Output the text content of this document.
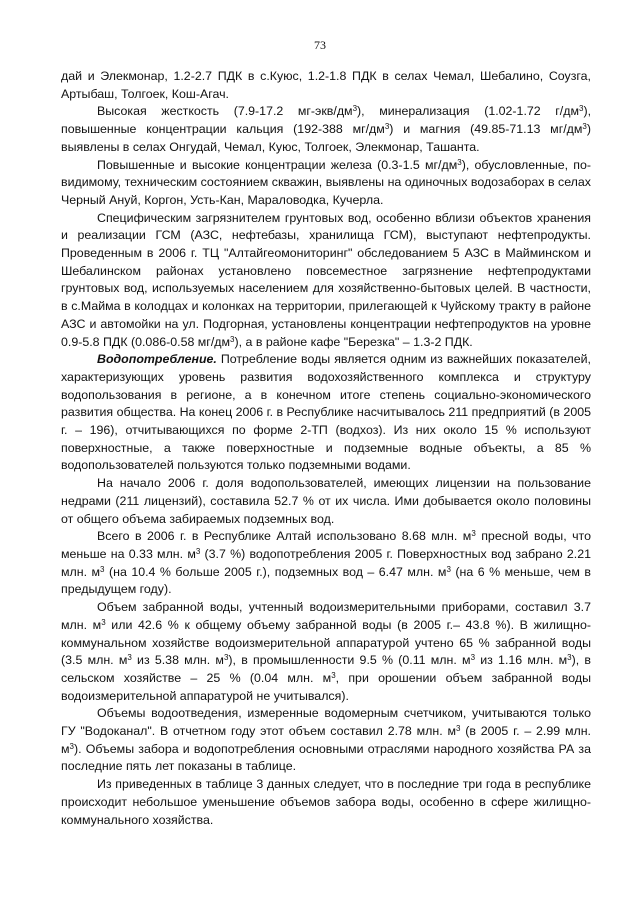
73

дай и Элекмонар, 1.2-2.7 ПДК в с.Куюс, 1.2-1.8 ПДК в селах Чемал, Шебалино, Соузга, Артыбаш, Толгоек, Кош-Агач.

Высокая жесткость (7.9-17.2 $мг-экв/дм^3$), минерализация (1.02-1.72 $г/дм^3$), повышенные концентрации кальция (192-388 $мг/дм^3$) и магния (49.85-71.13 $мг/дм^3$) выявлены в селах Онгудай, Чемал, Куюс, Толгоек, Элекмонар, Ташанта.

Повышенные и высокие концентрации железа (0.3-1.5 $мг/дм^3$), обусловленные, по-видимому, техническим состоянием скважин, выявлены на одиночных водозаборах в селах Черный Ануй, Коргон, Усть-Кан, Мараловодка, Кучерла.

Специфическим загрязнителем грунтовых вод, особенно вблизи объектов хранения и реализации ГСМ (АЗС, нефтебазы, хранилища ГСМ), выступают нефтепродукты. Проведенным в 2006 г. ТЦ "Алтайгеомониторинг" обследованием 5 АЗС в Майминском и Шебалинском районах установлено повсеместное загрязнение нефтепродуктами грунтовых вод, используемых населением для хозяйственно-бытовых целей. В частности, в с.Майма в колодцах и колонках на территории, прилегающей к Чуйскому тракту в районе АЗС и автомойки на ул. Подгорная, установлены концентрации нефтепродуктов на уровне 0.9-5.8 ПДК (0.086-0.58 $мг/дм^3$), а в районе кафе "Березка" – 1.3-2 ПДК.

Водопотребление. Потребление воды является одним из важнейших показателей, характеризующих уровень развития водохозяйственного комплекса и структуру водопользования в регионе, а в конечном итоге степень социально-экономического развития общества. На конец 2006 г. в Республике насчитывалось 211 предприятий (в 2005 г. – 196), отчитывающихся по форме 2-ТП (водхоз). Из них около 15 % используют поверхностные, а также поверхностные и подземные водные объекты, а 85 % водопользователей пользуются только подземными водами.

На начало 2006 г. доля водопользователей, имеющих лицензии на пользование недрами (211 лицензий), составила 52.7 % от их числа. Ими добывается около половины от общего объема забираемых подземных вод.

Всего в 2006 г. в Республике Алтай использовано 8.68 млн. $м^3$ пресной воды, что меньше на 0.33 млн. $м^3$ (3.7 %) водопотребления 2005 г. Поверхностных вод забрано 2.21 млн. $м^3$ (на 10.4 % больше 2005 г.), подземных вод – 6.47 млн. $м^3$ (на 6 % меньше, чем в предыдущем году).

Объем забранной воды, учтенный водоизмерительными приборами, составил 3.7 млн. $м^3$ или 42.6 % к общему объему забранной воды (в 2005 г.– 43.8 %). В жилищно-коммунальном хозяйстве водоизмерительной аппаратурой учтено 65 % забранной воды (3.5 млн. $м^3$ из 5.38 млн. $м^3$), в промышленности 9.5 % (0.11 млн. $м^3$ из 1.16 млн. $м^3$), в сельском хозяйстве – 25 % (0.04 млн. $м^3$, при орошении объем забранной воды водоизмерительной аппаратурой не учитывался).

Объемы водоотведения, измеренные водомерным счетчиком, учитываются только ГУ "Водоканал". В отчетном году этот объем составил 2.78 млн. $м^3$ (в 2005 г. – 2.99 млн. $м^3$). Объемы забора и водопотребления основными отраслями народного хозяйства РА за последние пять лет показаны в таблице.

Из приведенных в таблице 3 данных следует, что в последние три года в республике происходит небольшое уменьшение объемов забора воды, особенно в сфере жилищно-коммунального хозяйства.
